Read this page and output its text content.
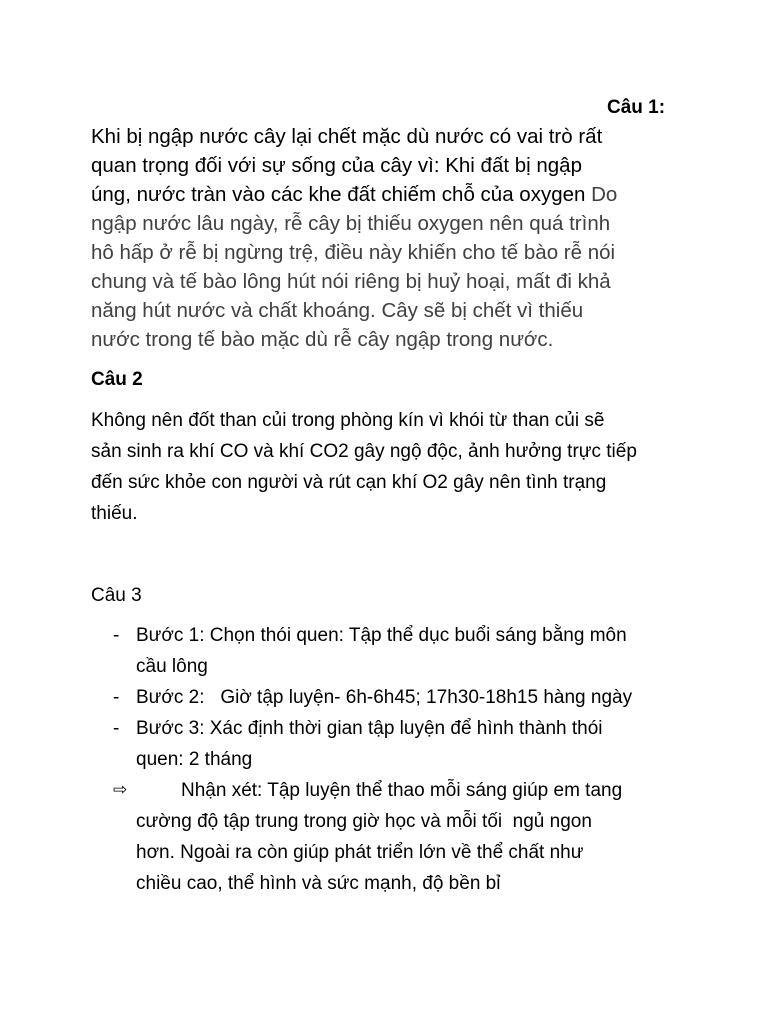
Câu 1:
Khi bị ngập nước cây lại chết mặc dù nước có vai trò rất
quan trọng đối với sự sống của cây vì: Khi đất bị ngập
úng, nước tràn vào các khe đất chiếm chỗ của oxygen Do
ngập nước lâu ngày, rễ cây bị thiếu oxygen nên quá trình
hô hấp ở rễ bị ngừng trệ, điều này khiến cho tế bào rễ nói
chung và tế bào lông hút nói riêng bị huỷ hoại, mất đi khả
năng hút nước và chất khoáng. Cây sẽ bị chết vì thiếu
nước trong tế bào mặc dù rễ cây ngập trong nước.
Câu 2
Không nên đốt than củi trong phòng kín vì khói từ than củi sẽ
sản sinh ra khí CO và khí CO2 gây ngộ độc, ảnh hưởng trực tiếp
đến sức khỏe con người và rút cạn khí O2 gây nên tình trạng
thiếu.
Câu 3
- Bước 1: Chọn thói quen: Tập thể dục buổi sáng bằng môn
cầu lông
- Bước 2:   Giờ tập luyện- 6h-6h45; 17h30-18h15 hàng ngày
- Bước 3: Xác định thời gian tập luyện để hình thành thói
quen: 2 tháng
⇨	Nhận xét: Tập luyện thể thao mỗi sáng giúp em tang
cường độ tập trung trong giờ học và mỗi tối  ngủ ngon
hơn. Ngoài ra còn giúp phát triển lớn về thể chất như
chiều cao, thể hình và sức mạnh, độ bền bỉ
